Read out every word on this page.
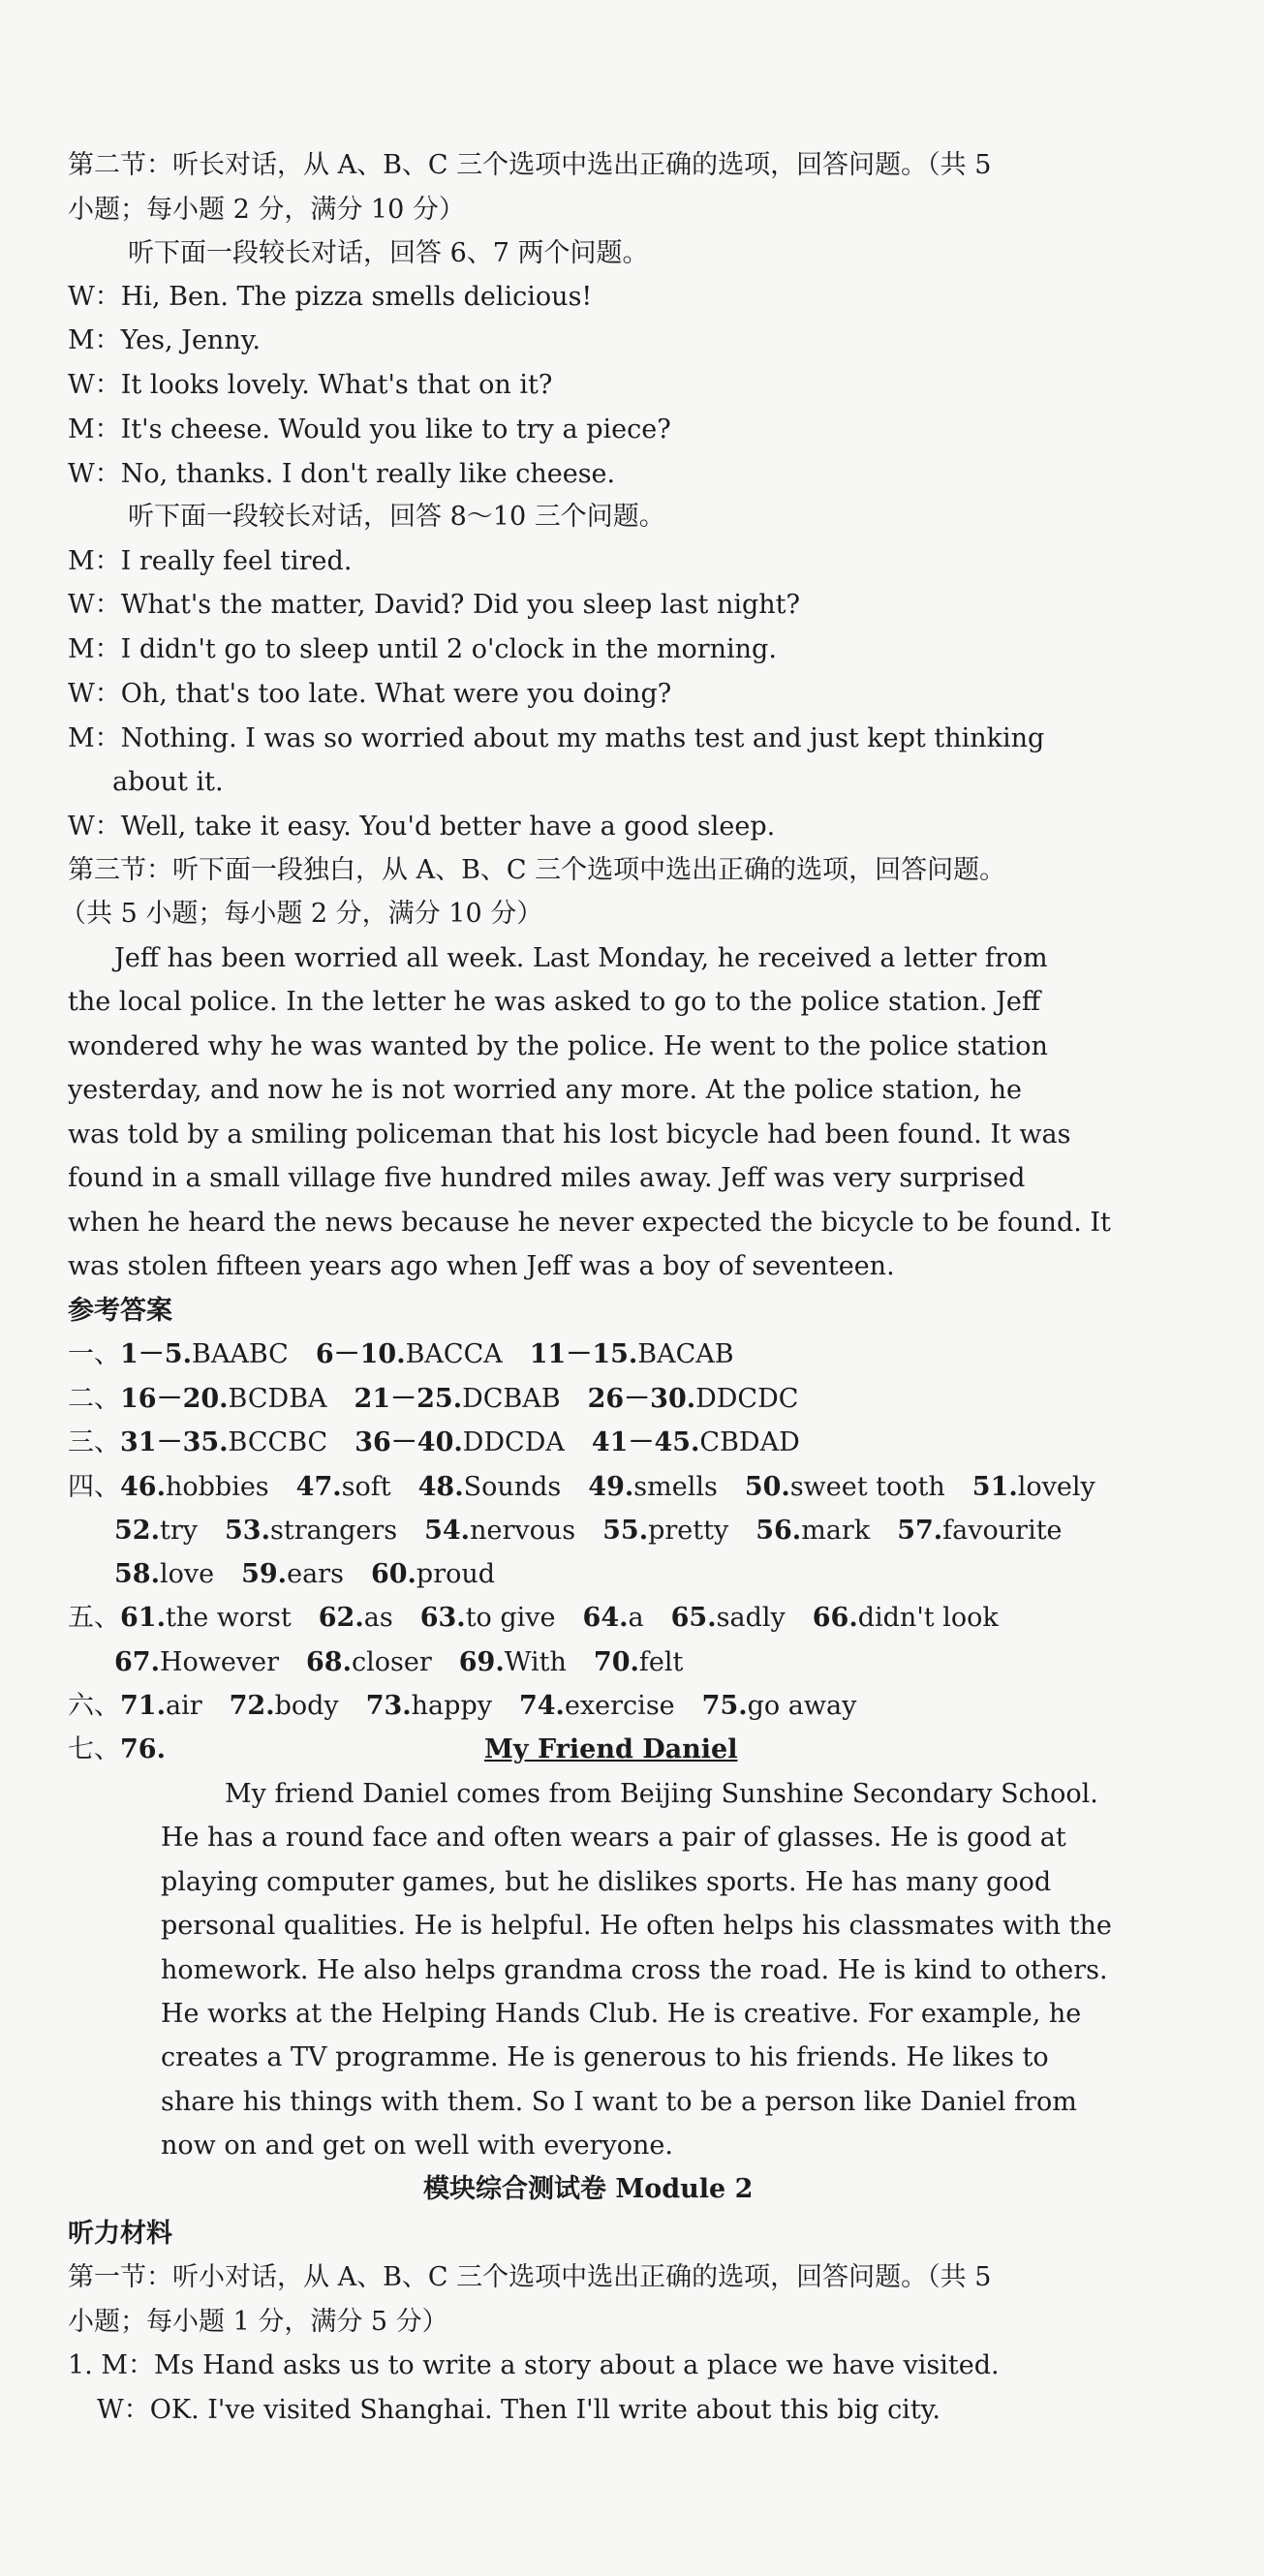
第二节：听长对话，从 A、B、C 三个选项中选出正确的选项，回答问题。（共 5
小题；每小题 2 分，满分 10 分）
听下面一段较长对话，回答 6、7 两个问题。
W：Hi, Ben. The pizza smells delicious!
M：Yes, Jenny.
W：It looks lovely. What's that on it?
M：It's cheese. Would you like to try a piece?
W：No, thanks. I don't really like cheese.
听下面一段较长对话，回答 8～10 三个问题。
M：I really feel tired.
W：What's the matter, David? Did you sleep last night?
M：I didn't go to sleep until 2 o'clock in the morning.
W：Oh, that's too late. What were you doing?
M：Nothing. I was so worried about my maths test and just kept thinking
about it.
W：Well, take it easy. You'd better have a good sleep.
第三节：听下面一段独白，从 A、B、C 三个选项中选出正确的选项，回答问题。
（共 5 小题；每小题 2 分，满分 10 分）
Jeff has been worried all week. Last Monday, he received a letter from
the local police. In the letter he was asked to go to the police station. Jeff
wondered why he was wanted by the police. He went to the police station
yesterday, and now he is not worried any more. At the police station, he
was told by a smiling policeman that his lost bicycle had been found. It was
found in a small village five hundred miles away. Jeff was very surprised
when he heard the news because he never expected the bicycle to be found. It
was stolen fifteen years ago when Jeff was a boy of seventeen.
参考答案
一、1－5.BAABC 6－10.BACCA 11－15.BACAB
二、16－20.BCDBA 21－25.DCBAB 26－30.DDCDC
三、31－35.BCCBC 36－40.DDCDA 41－45.CBDAD
四、46.hobbies 47.soft 48.Sounds 49.smells 50.sweet tooth 51.lovely
52.try 53.strangers 54.nervous 55.pretty 56.mark 57.favourite
58.love 59.ears 60.proud
五、61.the worst 62.as 63.to give 64.a 65.sadly 66.didn't look
67.However 68.closer 69.With 70.felt
六、71.air 72.body 73.happy 74.exercise 75.go away
七、76.	My Friend Daniel
My friend Daniel comes from Beijing Sunshine Secondary School.
He has a round face and often wears a pair of glasses. He is good at
playing computer games, but he dislikes sports. He has many good
personal qualities. He is helpful. He often helps his classmates with the
homework. He also helps grandma cross the road. He is kind to others.
He works at the Helping Hands Club. He is creative. For example, he
creates a TV programme. He is generous to his friends. He likes to
share his things with them. So I want to be a person like Daniel from
now on and get on well with everyone.
模块综合测试卷 Module 2
听力材料
第一节：听小对话，从 A、B、C 三个选项中选出正确的选项，回答问题。（共 5
小题；每小题 1 分，满分 5 分）
1. M：Ms Hand asks us to write a story about a place we have visited.
W：OK. I've visited Shanghai. Then I'll write about this big city.
